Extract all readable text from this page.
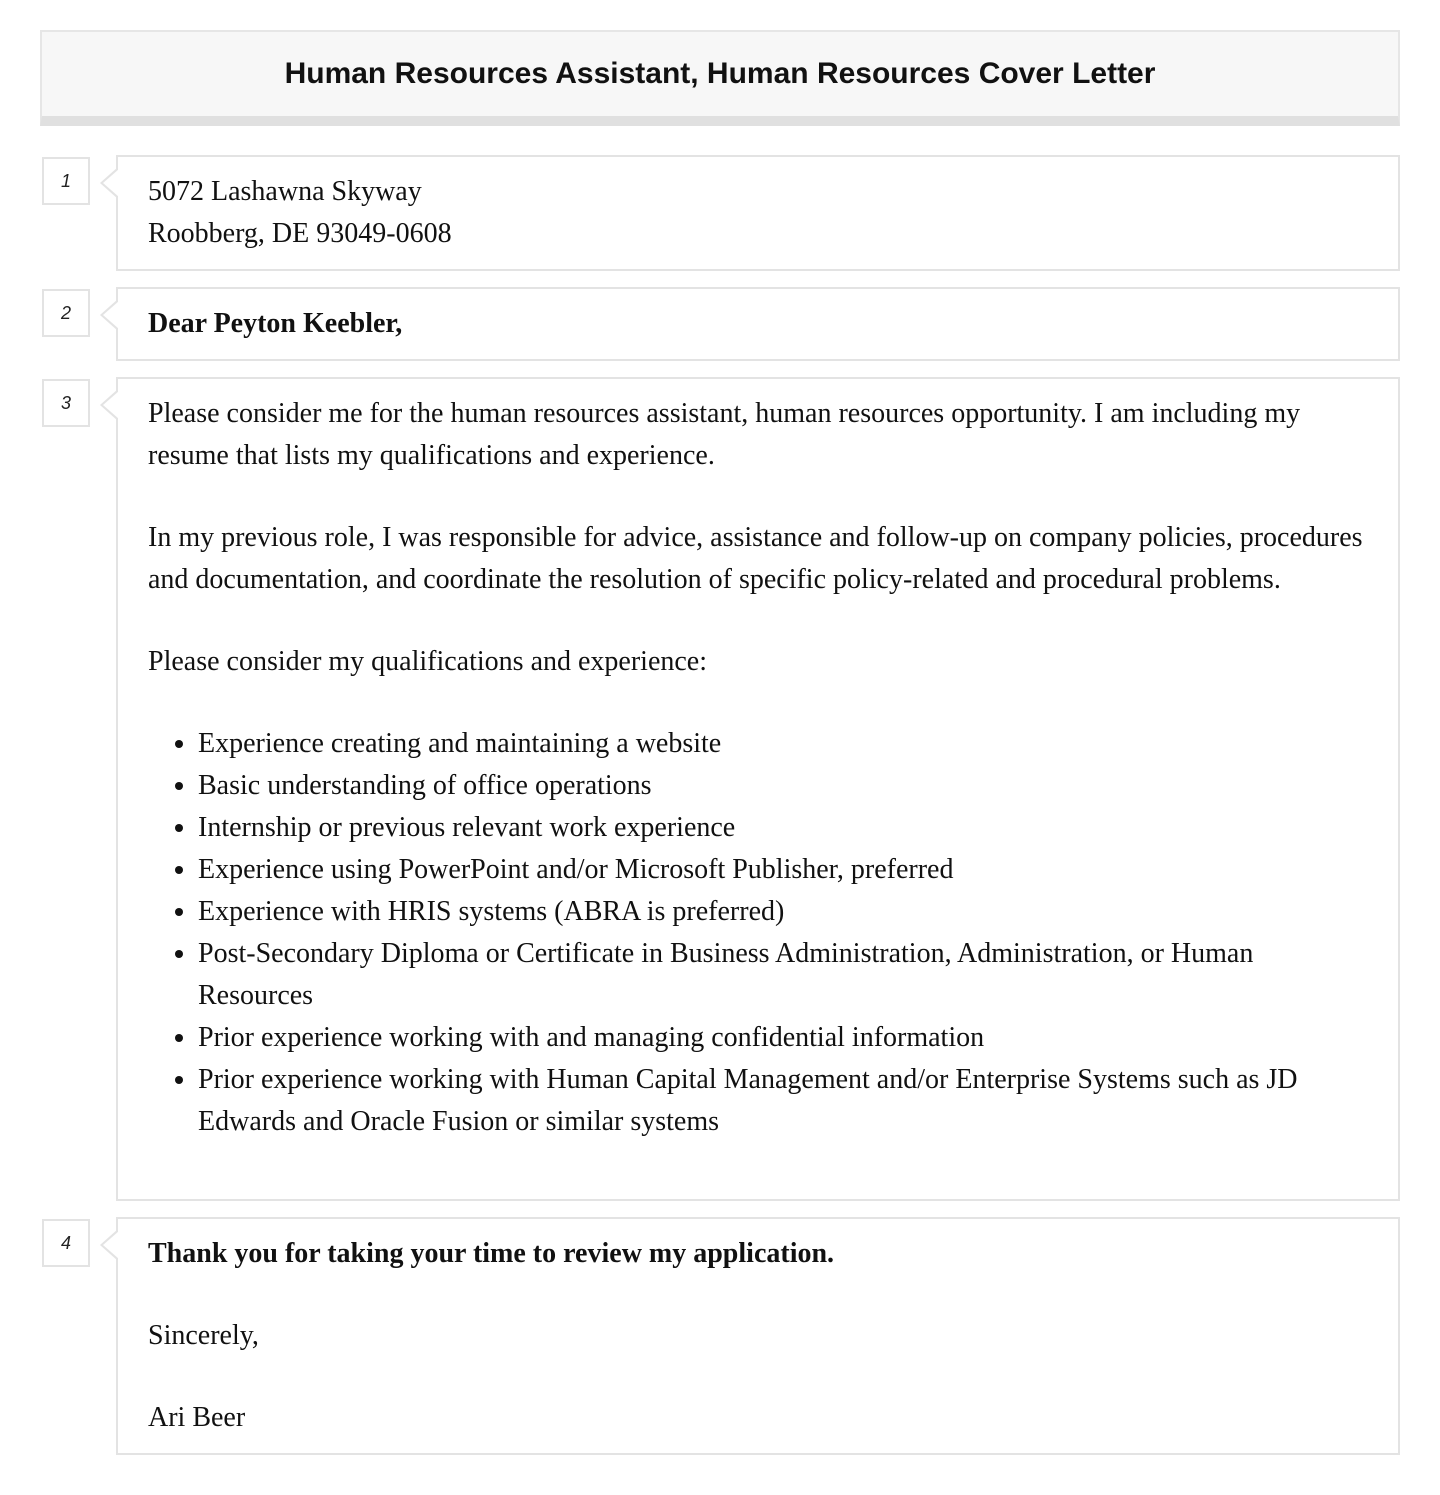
Human Resources Assistant, Human Resources Cover Letter
1	5072 Lashawna Skyway
Roobberg, DE 93049-0608
2	Dear Peyton Keebler,
3	Please consider me for the human resources assistant, human resources opportunity. I am including my resume that lists my qualifications and experience.

In my previous role, I was responsible for advice, assistance and follow-up on company policies, procedures and documentation, and coordinate the resolution of specific policy-related and procedural problems.

Please consider my qualifications and experience:

• Experience creating and maintaining a website
• Basic understanding of office operations
• Internship or previous relevant work experience
• Experience using PowerPoint and/or Microsoft Publisher, preferred
• Experience with HRIS systems (ABRA is preferred)
• Post-Secondary Diploma or Certificate in Business Administration, Administration, or Human Resources
• Prior experience working with and managing confidential information
• Prior experience working with Human Capital Management and/or Enterprise Systems such as JD Edwards and Oracle Fusion or similar systems
4	Thank you for taking your time to review my application.

Sincerely,

Ari Beer
